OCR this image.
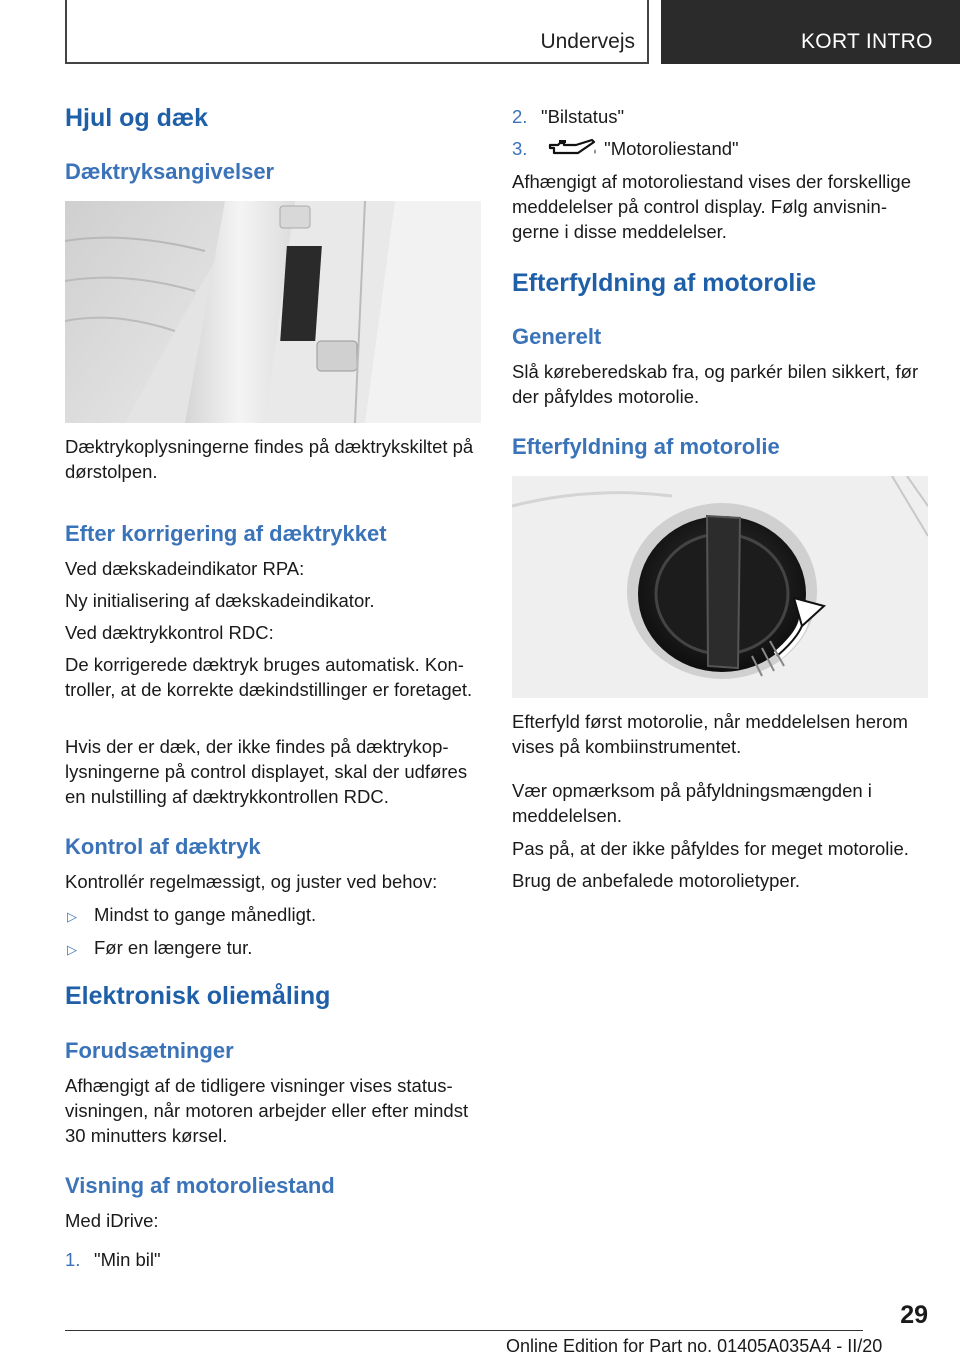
Undervejs	KORT INTRO
Hjul og dæk
Dæktryksangivelser
Dæktrykoplysningerne findes på dæktrykskiltet på dørstolpen.
Efter korrigering af dæktrykket
Ved dækskadeindikator RPA:
Ny initialisering af dækskadeindikator.
Ved dæktrykkontrol RDC:
De korrigerede dæktryk bruges automatisk. Kontroller, at de korrekte dækindstillinger er foretaget.
Hvis der er dæk, der ikke findes på dæktrykoplysningerne på control displayet, skal der udføres en nulstilling af dæktrykkontrollen RDC.
Kontrol af dæktryk
Kontrollér regelmæssigt, og juster ved behov:
▷ Mindst to gange månedligt.
▷ Før en længere tur.
Elektronisk oliemåling
Forudsætninger
Afhængigt af de tidligere visninger vises statusvisningen, når motoren arbejder eller efter mindst 30 minutters kørsel.
Visning af motoroliestand
Med iDrive:
1. "Min bil"
2. "Bilstatus"
3.	"Motoroliestand"
Afhængigt af motoroliestand vises der forskellige meddelelser på control display. Følg anvisningerne i disse meddelelser.
Efterfyldning af motorolie
Generelt
Slå køreberedskab fra, og parkér bilen sikkert, før der påfyldes motorolie.
Efterfyldning af motorolie
Efterfyld først motorolie, når meddelelsen herom vises på kombiinstrumentet.
Vær opmærksom på påfyldningsmængden i meddelelsen.
Pas på, at der ikke påfyldes for meget motorolie.
Brug de anbefalede motorolietyper.
29
Online Edition for Part no. 01405A035A4 - II/20
